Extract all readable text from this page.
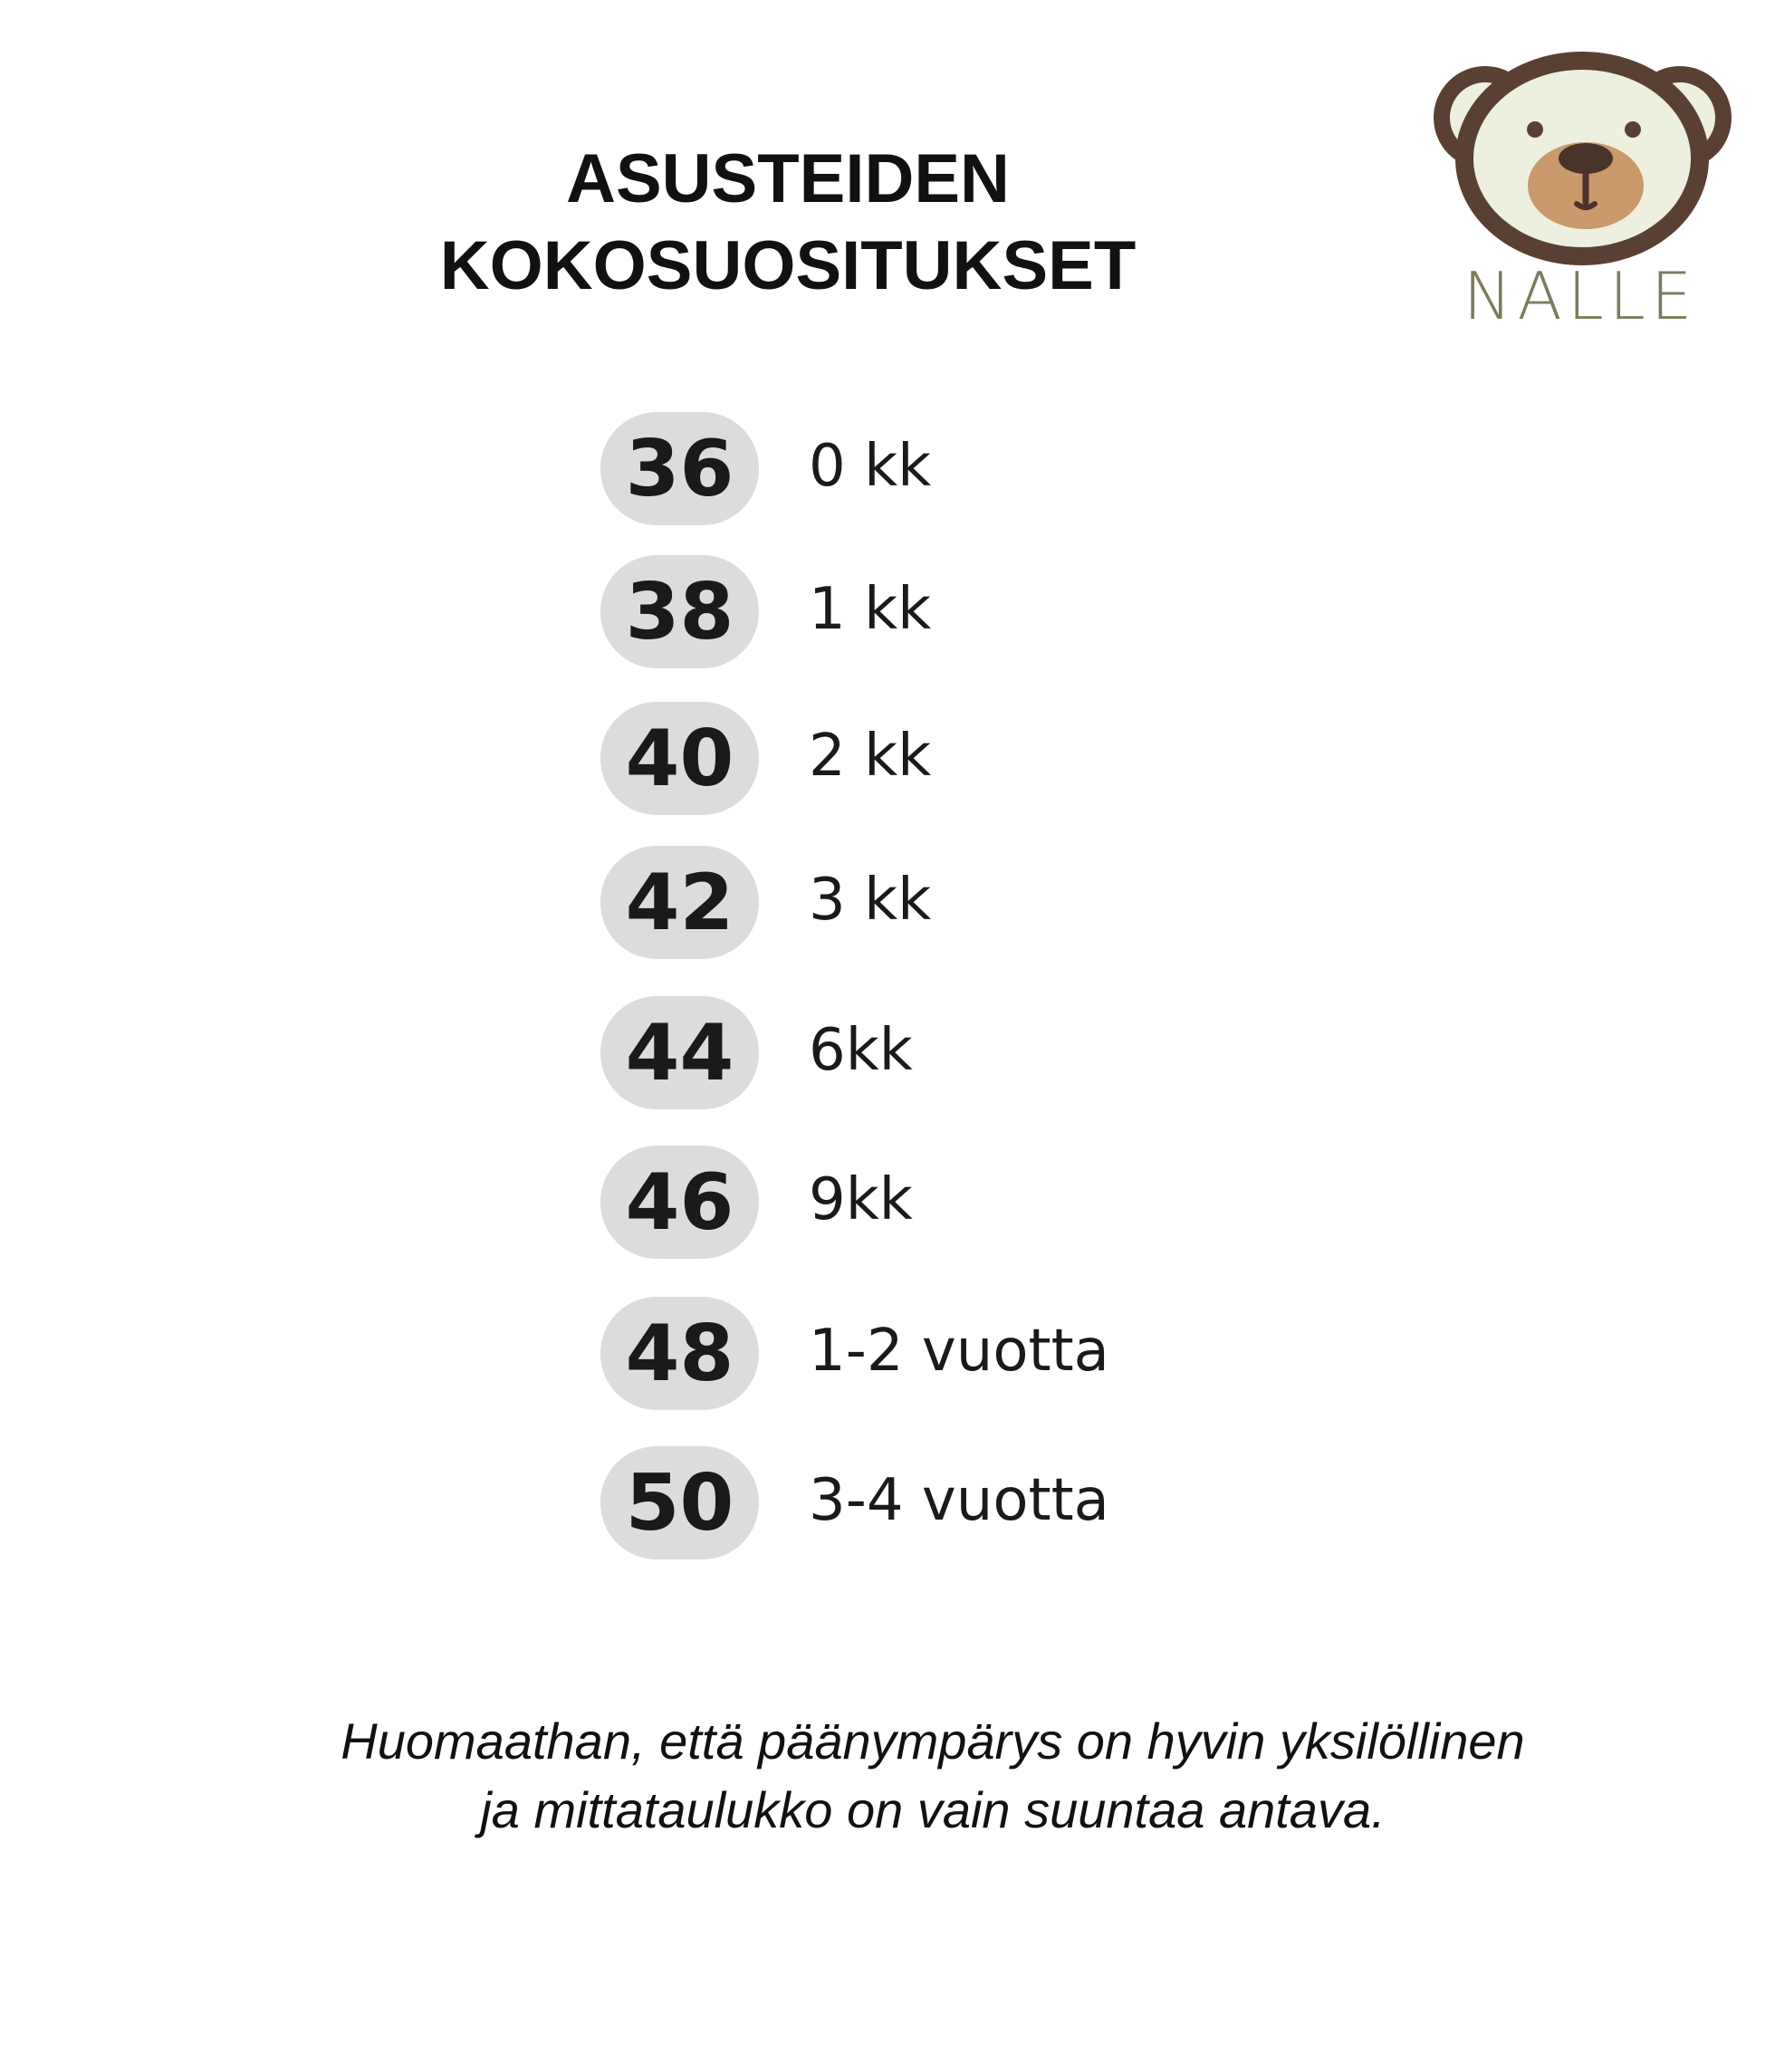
ASUSTEIDEN
KOKOSUOSITUKSET	NALLE
36	0 kk
38	1 kk
40	2 kk
42	3 kk
44	6kk
46	9kk
48	1-2 vuotta
50	3-4 vuotta
Huomaathan, että päänympärys on hyvin yksilöllinen
ja mittataulukko on vain suuntaa antava.
